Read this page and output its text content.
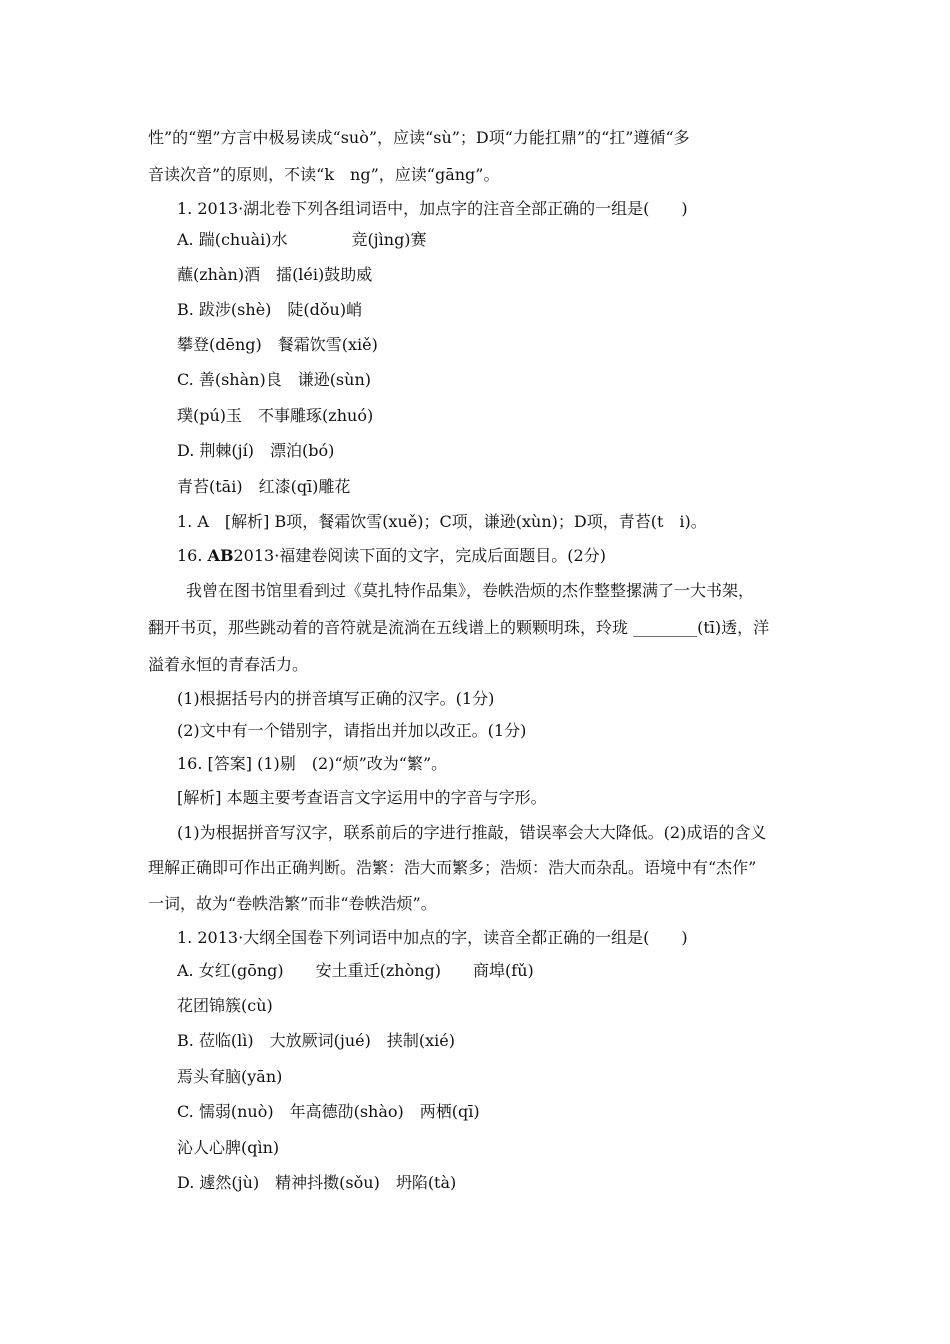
性”的“塑”方言中极易读成“suò”，应读“sù”；D项“力能扛鼎”的“扛”遵循“多
音读次音”的原则，不读“k　ng”，应读“gāng”。
1. 2013·湖北卷下列各组词语中，加点字的注音全部正确的一组是(　　)
A. 踹(chuài)水　　　　竞(jìng)赛
蘸(zhàn)酒　擂(léi)鼓助威
B. 跋涉(shè)　陡(dǒu)峭
攀登(dēng)　餐霜饮雪(xiě)
C. 善(shàn)良　谦逊(sùn)
璞(pú)玉　不事雕琢(zhuó)
D. 荆棘(jí)　漂泊(bó)
青苔(tāi)　红漆(qī)雕花
1. A　[解析] B项，餐霜饮雪(xuě)；C项，谦逊(xùn)；D项，青苔(t　i)。
16. AB2013·福建卷阅读下面的文字，完成后面题目。(2分)
我曾在图书馆里看到过《莫扎特作品集》，卷帙浩烦的杰作整整摞满了一大书架，
翻开书页，那些跳动着的音符就是流淌在五线谱上的颗颗明珠，玲珑 ________(tī)透，洋
溢着永恒的青春活力。
(1)根据括号内的拼音填写正确的汉字。(1分)
(2)文中有一个错别字，请指出并加以改正。(1分)
16. [答案] (1)剔　(2)“烦”改为“繁”。
[解析] 本题主要考查语言文字运用中的字音与字形。
(1)为根据拼音写汉字，联系前后的字进行推敲，错误率会大大降低。(2)成语的含义
理解正确即可作出正确判断。浩繁：浩大而繁多；浩烦：浩大而杂乱。语境中有“杰作”
一词，故为“卷帙浩繁”而非“卷帙浩烦”。
1. 2013·大纲全国卷下列词语中加点的字，读音全都正确的一组是(　　)
A. 女红(gōng)　　安土重迁(zhòng)　　商埠(fǔ)
花团锦簇(cù)
B. 莅临(lì)　大放厥词(jué)　挟制(xié)
焉头耷脑(yān)
C. 懦弱(nuò)　年高德劭(shào)　两栖(qī)
沁人心脾(qìn)
D. 遽然(jù)　精神抖擞(sǒu)　坍陷(tà)
